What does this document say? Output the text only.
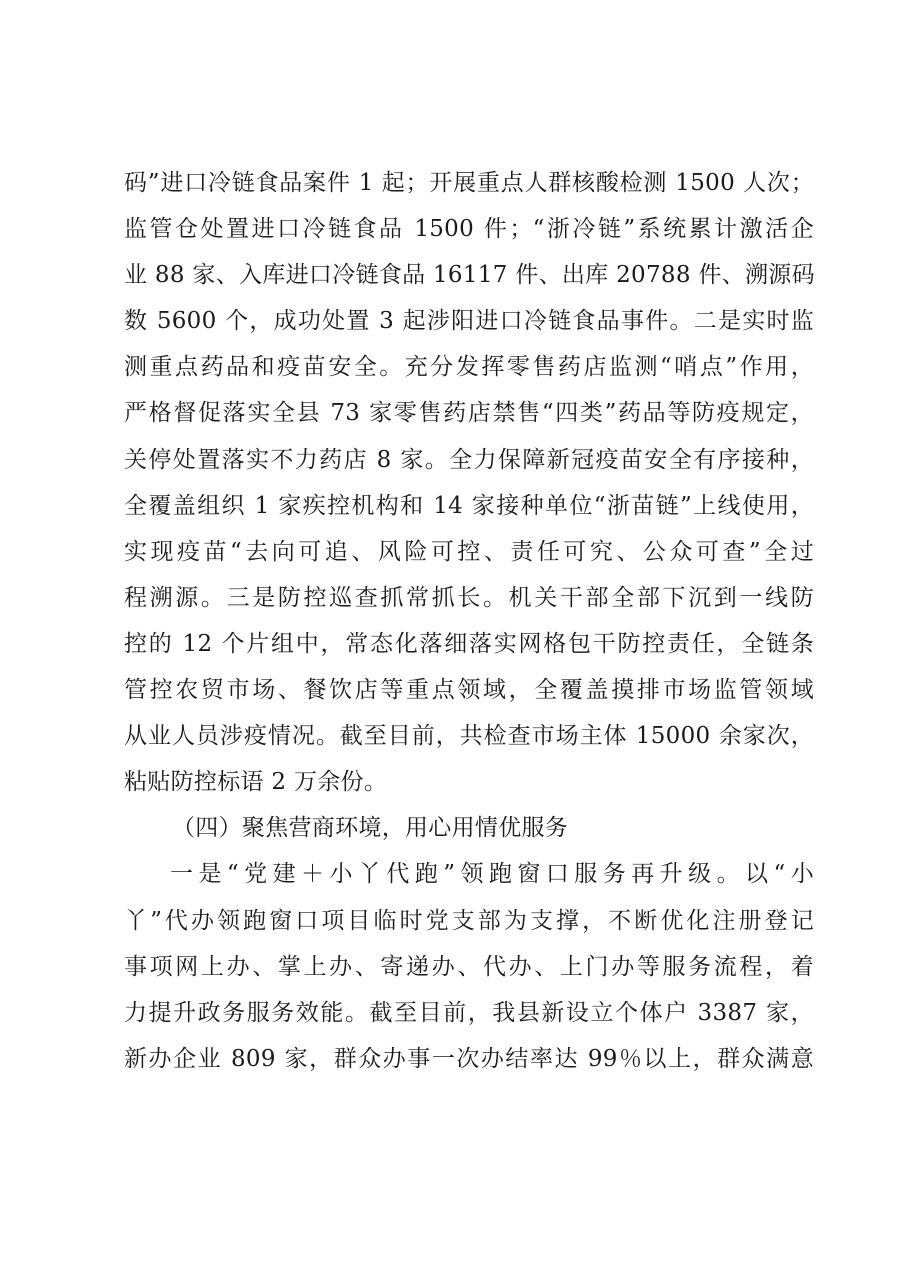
码”进口冷链食品案件 1 起；开展重点人群核酸检测 1500 人次；
监管仓处置进口冷链食品 1500 件；“浙冷链”系统累计激活企
业 88 家、入库进口冷链食品 16117 件、出库 20788 件、溯源码
数 5600 个，成功处置 3 起涉阳进口冷链食品事件。二是实时监
测重点药品和疫苗安全。充分发挥零售药店监测“哨点”作用，
严格督促落实全县 73 家零售药店禁售“四类”药品等防疫规定，
关停处置落实不力药店 8 家。全力保障新冠疫苗安全有序接种，
全覆盖组织 1 家疾控机构和 14 家接种单位“浙苗链”上线使用，
实现疫苗“去向可追、风险可控、责任可究、公众可查”全过
程溯源。三是防控巡查抓常抓长。机关干部全部下沉到一线防
控的 12 个片组中，常态化落细落实网格包干防控责任，全链条
管控农贸市场、餐饮店等重点领域，全覆盖摸排市场监管领域
从业人员涉疫情况。截至目前，共检查市场主体 15000 余家次，
粘贴防控标语 2 万余份。
（四）聚焦营商环境，用心用情优服务
一是“党建＋小丫代跑”领跑窗口服务再升级。以“小
丫”代办领跑窗口项目临时党支部为支撑，不断优化注册登记
事项网上办、掌上办、寄递办、代办、上门办等服务流程，着
力提升政务服务效能。截至目前，我县新设立个体户 3387 家，
新办企业 809 家，群众办事一次办结率达 99％以上，群众满意
